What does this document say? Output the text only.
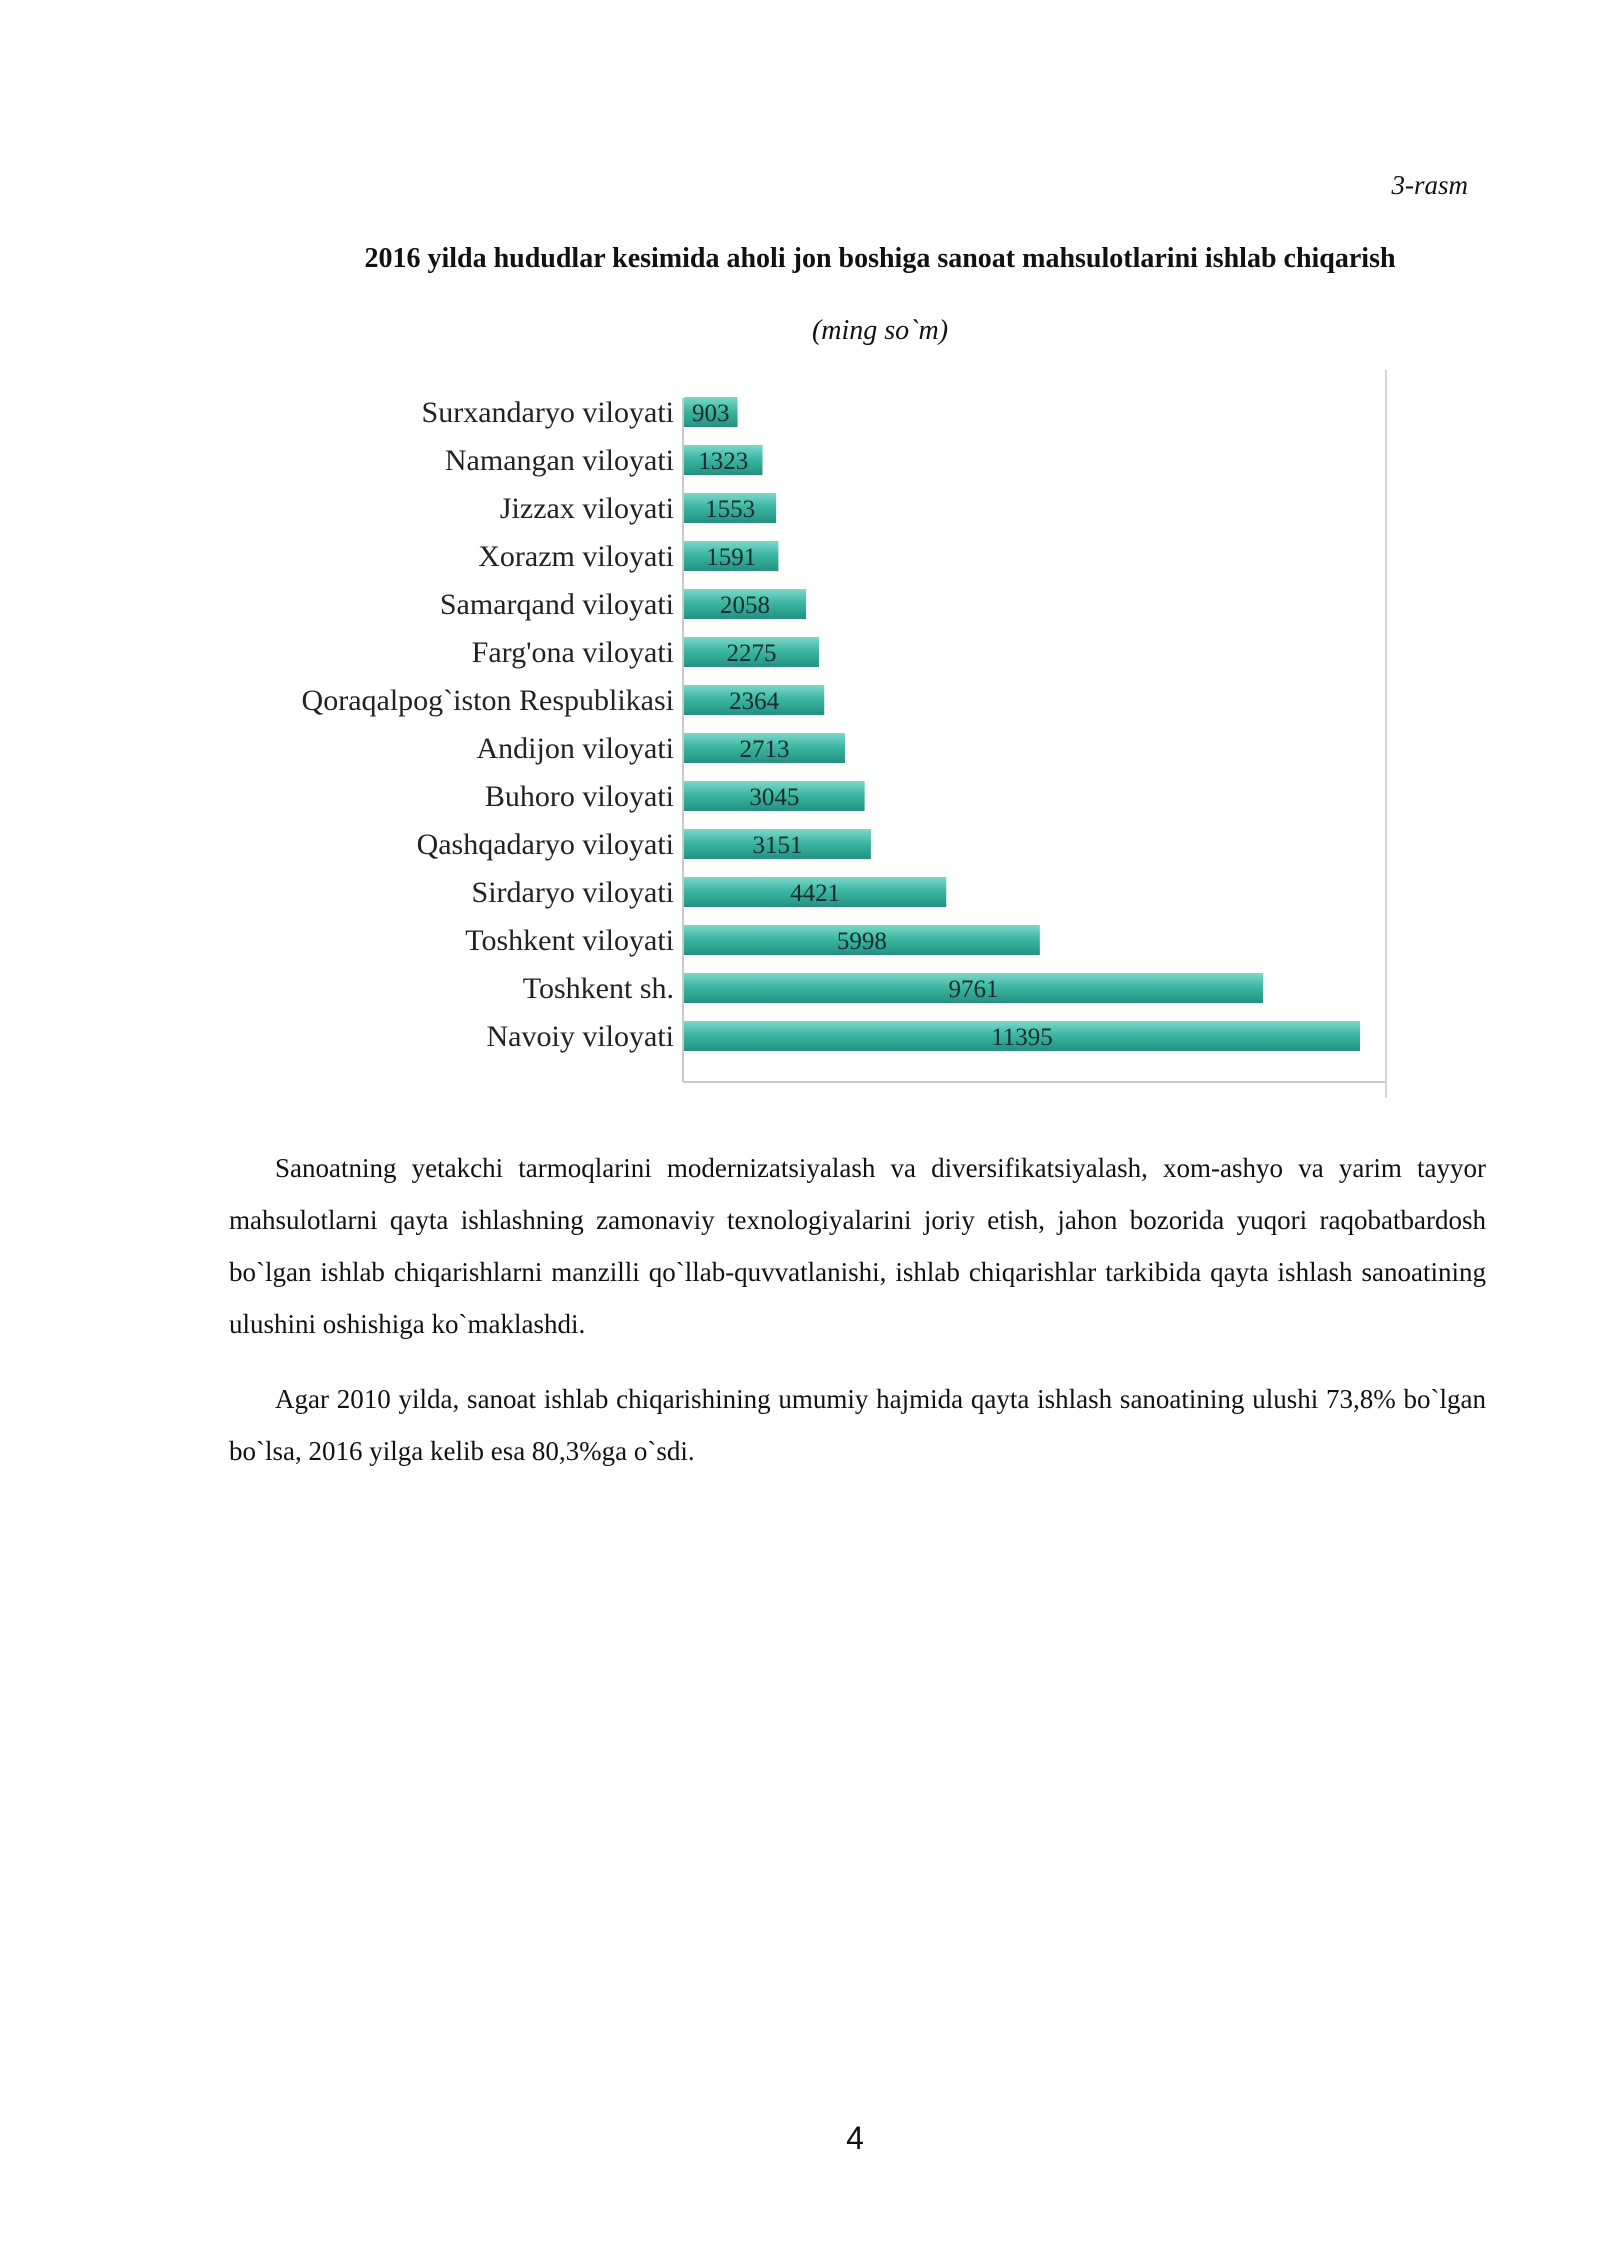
3-rasm
2016 yilda hududlar kesimida aholi jon boshiga sanoat mahsulotlarini ishlab chiqarish
(ming so`m)
Surxandaryo viloyati 903
Namangan viloyati 1323
Jizzax viloyati 1553
Xorazm viloyati 1591
Samarqand viloyati 2058
Farg'ona viloyati 2275
Qoraqalpog`iston Respublikasi 2364
Andijon viloyati	2713
Buhoro viloyati	3045
Qashqadaryo viloyati	3151
Sirdaryo viloyati	4421
Toshkent viloyati	5998
Toshkent sh.	9761
Navoiy viloyati	11395

Sanoatning yetakchi tarmoqlarini modernizatsiyalash va diversifikatsiyalash, xom-ashyo va yarim tayyor mahsulotlarni qayta ishlashning zamonaviy texnologiyalarini joriy etish, jahon bozorida yuqori raqobatbardosh bo`lgan ishlab chiqarishlarni manzilli qo`llab-quvvatlanishi, ishlab chiqarishlar tarkibida qayta ishlash sanoatining ulushini oshishiga ko`maklashdi.

Agar 2010 yilda, sanoat ishlab chiqarishining umumiy hajmida qayta ishlash sanoatining ulushi 73,8% bo`lgan bo`lsa, 2016 yilga kelib esa 80,3%ga o`sdi.

4
